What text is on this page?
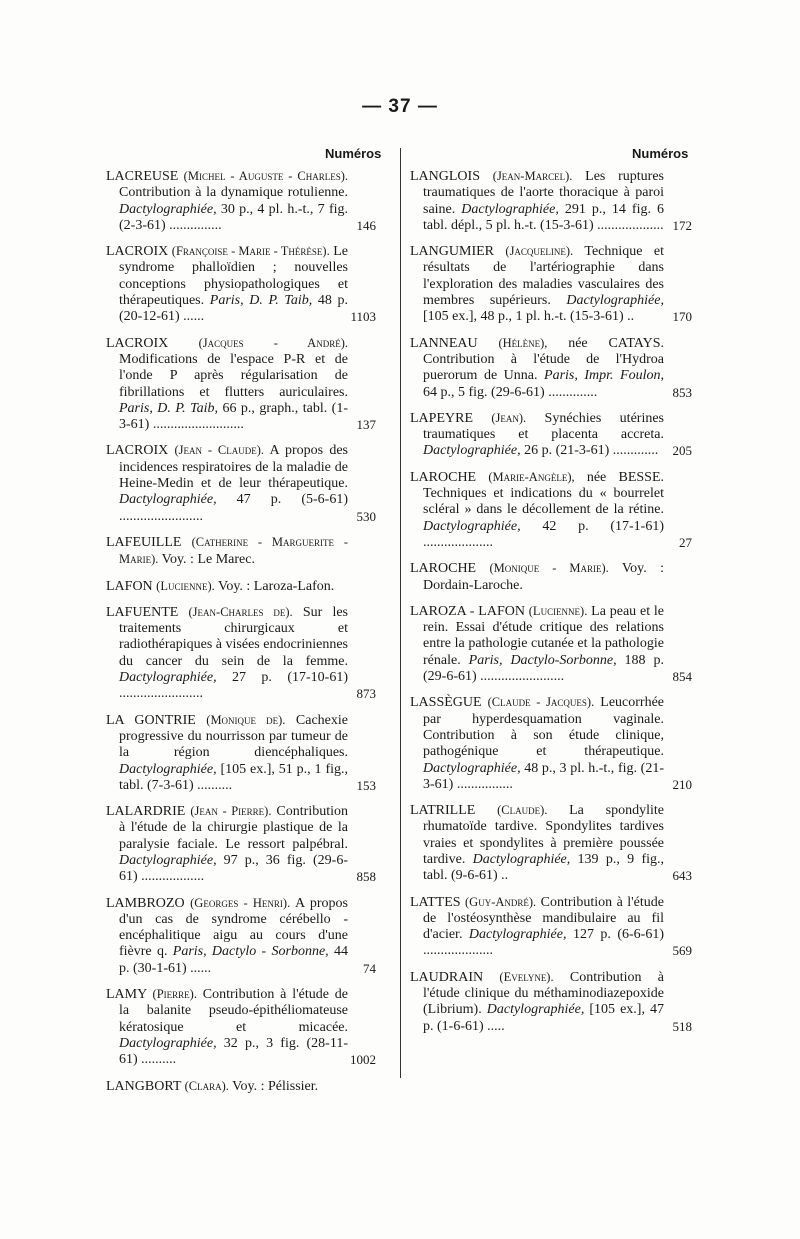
— 37 —
Numéros	Numéros
LACREUSE (Michel - Auguste - Charles). Contribution à la dynamique rotulienne. Dactylographiée, 30 p., 4 pl. h.-t., 7 fig. (2-3-61) ...............	146
LACROIX (Françoise - Marie - Thérèse). Le syndrome phalloïdien ; nouvelles conceptions physiopathologiques et thérapeutiques. Paris, D. P. Taib, 48 p. (20-12-61) ......	1103
LACROIX (Jacques - André). Modifications de l'espace P-R et de l'onde P après régularisation de fibrillations et flutters auriculaires. Paris, D. P. Taib, 66 p., graph., tabl. (1-3-61) ..........................	137
LACROIX (Jean - Claude). A propos des incidences respiratoires de la maladie de Heine-Medin et de leur thérapeutique. Dactylographiée, 47 p. (5-6-61) ........................	530
LAFEUILLE (Catherine - Marguerite - Marie). Voy. : Le Marec.
LAFON (Lucienne). Voy. : Laroza-Lafon.
LAFUENTE (Jean-Charles de). Sur les traitements chirurgicaux et radiothérapiques à visées endocriniennes du cancer du sein de la femme. Dactylographiée, 27 p. (17-10-61) ........................	873
LA GONTRIE (Monique de). Cachexie progressive du nourrisson par tumeur de la région diencéphaliques. Dactylographiée, [105 ex.], 51 p., 1 fig., tabl. (7-3-61) ..........	153
LALARDRIE (Jean - Pierre). Contribution à l'étude de la chirurgie plastique de la paralysie faciale. Le ressort palpébral. Dactylographiée, 97 p., 36 fig. (29-6-61) ..................	858
LAMBROZO (Georges - Henri). A propos d'un cas de syndrome cérébello - encéphalitique aigu au cours d'une fièvre q. Paris, Dactylo - Sorbonne, 44 p. (30-1-61) ......	74
LAMY (Pierre). Contribution à l'étude de la balanite pseudo-épithéliomateuse kératosique et micacée. Dactylographiée, 32 p., 3 fig. (28-11-61) ..........	1002
LANGBORT (Clara). Voy. : Pélissier.
LANGLOIS (Jean-Marcel). Les ruptures traumatiques de l'aorte thoracique à paroi saine. Dactylographiée, 291 p., 14 fig. 6 tabl. dépl., 5 pl. h.-t. (15-3-61) ................... 172
LANGUMIER (Jacqueline). Technique et résultats de l'artériographie dans l'exploration des maladies vasculaires des membres supérieurs. Dactylographiée, [105 ex.], 48 p., 1 pl. h.-t. (15-3-61) ..	170
LANNEAU (Hélène), née CATAYS. Contribution à l'étude de l'Hydroa puerorum de Unna. Paris, Impr. Foulon, 64 p., 5 fig. (29-6-61) ..............	853
LAPEYRE (Jean). Synéchies utérines traumatiques et placenta accreta. Dactylographiée, 26 p. (21-3-61) ............. 205
LAROCHE (Marie-Angèle), née BESSE. Techniques et indications du « bourrelet scléral » dans le décollement de la rétine. Dactylographiée, 42 p. (17-1-61) ....................	27
LAROCHE (Monique - Marie). Voy. : Dordain-Laroche.
LAROZA - LAFON (Lucienne). La peau et le rein. Essai d'étude critique des relations entre la pathologie cutanée et la pathologie rénale. Paris, Dactylo-Sorbonne, 188 p. (29-6-61) ........................	854
LASSÈGUE (Claude - Jacques). Leucorrhée par hyperdesquamation vaginale. Contribution à son étude clinique, pathogénique et thérapeutique. Dactylographiée, 48 p., 3 pl. h.-t., fig. (21-3-61) ................	210
LATRILLE (Claude). La spondylite rhumatoïde tardive. Spondylites tardives vraies et spondylites à première poussée tardive. Dactylographiée, 139 p., 9 fig., tabl. (9-6-61) ..	643
LATTES (Guy-André). Contribution à l'étude de l'ostéosynthèse mandibulaire au fil d'acier. Dactylographiée, 127 p. (6-6-61) ....................	569
LAUDRAIN (Evelyne). Contribution à l'étude clinique du méthaminodiazepoxide (Librium). Dactylographiée, [105 ex.], 47 p. (1-6-61) .....	518
